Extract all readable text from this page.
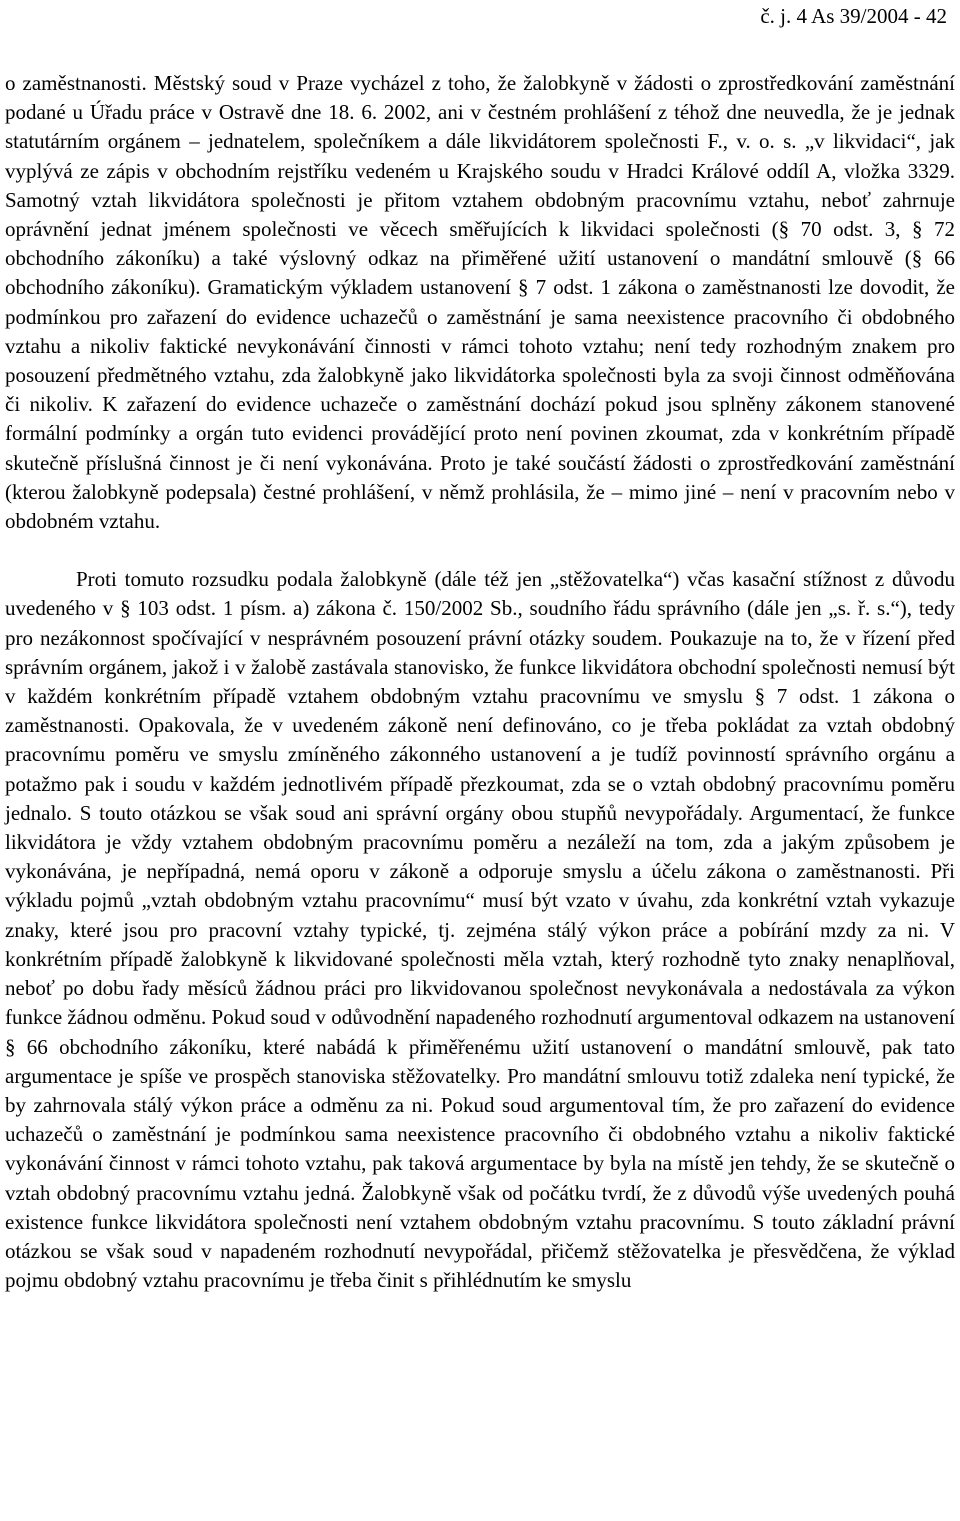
č. j. 4 As 39/2004 - 42

o zaměstnanosti. Městský soud v Praze vycházel z toho, že žalobkyně v žádosti o zprostředkování zaměstnání podané u Úřadu práce v Ostravě dne 18. 6. 2002, ani v čestném prohlášení z téhož dne neuvedla, že je jednak statutárním orgánem – jednatelem, společníkem a dále likvidátorem společnosti F., v. o. s. „v likvidaci“, jak vyplývá ze zápis v obchodním rejstříku vedeném u Krajského soudu v Hradci Králové oddíl A, vložka 3329. Samotný vztah likvidátora společnosti je přitom vztahem obdobným pracovnímu vztahu, neboť zahrnuje oprávnění jednat jménem společnosti ve věcech směřujících k likvidaci společnosti (§ 70 odst. 3, § 72 obchodního zákoníku) a také výslovný odkaz na přiměřené užití ustanovení o mandátní smlouvě (§ 66 obchodního zákoníku). Gramatickým výkladem ustanovení § 7 odst. 1 zákona o zaměstnanosti lze dovodit, že podmínkou pro zařazení do evidence uchazečů o zaměstnání je sama neexistence pracovního či obdobného vztahu a nikoliv faktické nevykonávání činnosti v rámci tohoto vztahu; není tedy rozhodným znakem pro posouzení předmětného vztahu, zda žalobkyně jako likvidátorka společnosti byla za svoji činnost odměňována či nikoliv. K zařazení do evidence uchazeče o zaměstnání dochází pokud jsou splněny zákonem stanovené formální podmínky a orgán tuto evidenci provádějící proto není povinen zkoumat, zda v konkrétním případě skutečně příslušná činnost je či není vykonávána. Proto je také součástí žádosti o zprostředkování zaměstnání (kterou žalobkyně podepsala) čestné prohlášení, v němž prohlásila, že – mimo jiné – není v pracovním nebo v obdobném vztahu.

Proti tomuto rozsudku podala žalobkyně (dále též jen „stěžovatelka“) včas kasační stížnost z důvodu uvedeného v § 103 odst. 1 písm. a) zákona č. 150/2002 Sb., soudního řádu správního (dále jen „s. ř. s.“), tedy pro nezákonnost spočívající v nesprávném posouzení právní otázky soudem. Poukazuje na to, že v řízení před správním orgánem, jakož i v žalobě zastávala stanovisko, že funkce likvidátora obchodní společnosti nemusí být v každém konkrétním případě vztahem obdobným vztahu pracovnímu ve smyslu § 7 odst. 1 zákona o zaměstnanosti. Opakovala, že v uvedeném zákoně není definováno, co je třeba pokládat za vztah obdobný pracovnímu poměru ve smyslu zmíněného zákonného ustanovení a je tudíž povinností správního orgánu a potažmo pak i soudu v každém jednotlivém případě přezkoumat, zda se o vztah obdobný pracovnímu poměru jednalo. S touto otázkou se však soud ani správní orgány obou stupňů nevypořádaly. Argumentací, že funkce likvidátora je vždy vztahem obdobným pracovnímu poměru a nezáleží na tom, zda a jakým způsobem je vykonávána, je nepřípadná, nemá oporu v zákoně a odporuje smyslu a účelu zákona o zaměstnanosti. Při výkladu pojmů „vztah obdobným vztahu pracovnímu“ musí být vzato v úvahu, zda konkrétní vztah vykazuje znaky, které jsou pro pracovní vztahy typické, tj. zejména stálý výkon práce a pobírání mzdy za ni. V konkrétním případě žalobkyně k likvidované společnosti měla vztah, který rozhodně tyto znaky nenaplňoval, neboť po dobu řady měsíců žádnou práci pro likvidovanou společnost nevykonávala a nedostávala za výkon funkce žádnou odměnu. Pokud soud v odůvodnění napadeného rozhodnutí argumentoval odkazem na ustanovení § 66 obchodního zákoníku, které nabádá k přiměřenému užití ustanovení o mandátní smlouvě, pak tato argumentace je spíše ve prospěch stanoviska stěžovatelky. Pro mandátní smlouvu totiž zdaleka není typické, že by zahrnovala stálý výkon práce a odměnu za ni. Pokud soud argumentoval tím, že pro zařazení do evidence uchazečů o zaměstnání je podmínkou sama neexistence pracovního či obdobného vztahu a nikoliv faktické vykonávání činnost v rámci tohoto vztahu, pak taková argumentace by byla na místě jen tehdy, že se skutečně o vztah obdobný pracovnímu vztahu jedná. Žalobkyně však od počátku tvrdí, že z důvodů výše uvedených pouhá existence funkce likvidátora společnosti není vztahem obdobným vztahu pracovnímu. S touto základní právní otázkou se však soud v napadeném rozhodnutí nevypořádal, přičemž stěžovatelka je přesvědčena, že výklad pojmu obdobný vztahu pracovnímu je třeba činit s přihlédnutím ke smyslu
